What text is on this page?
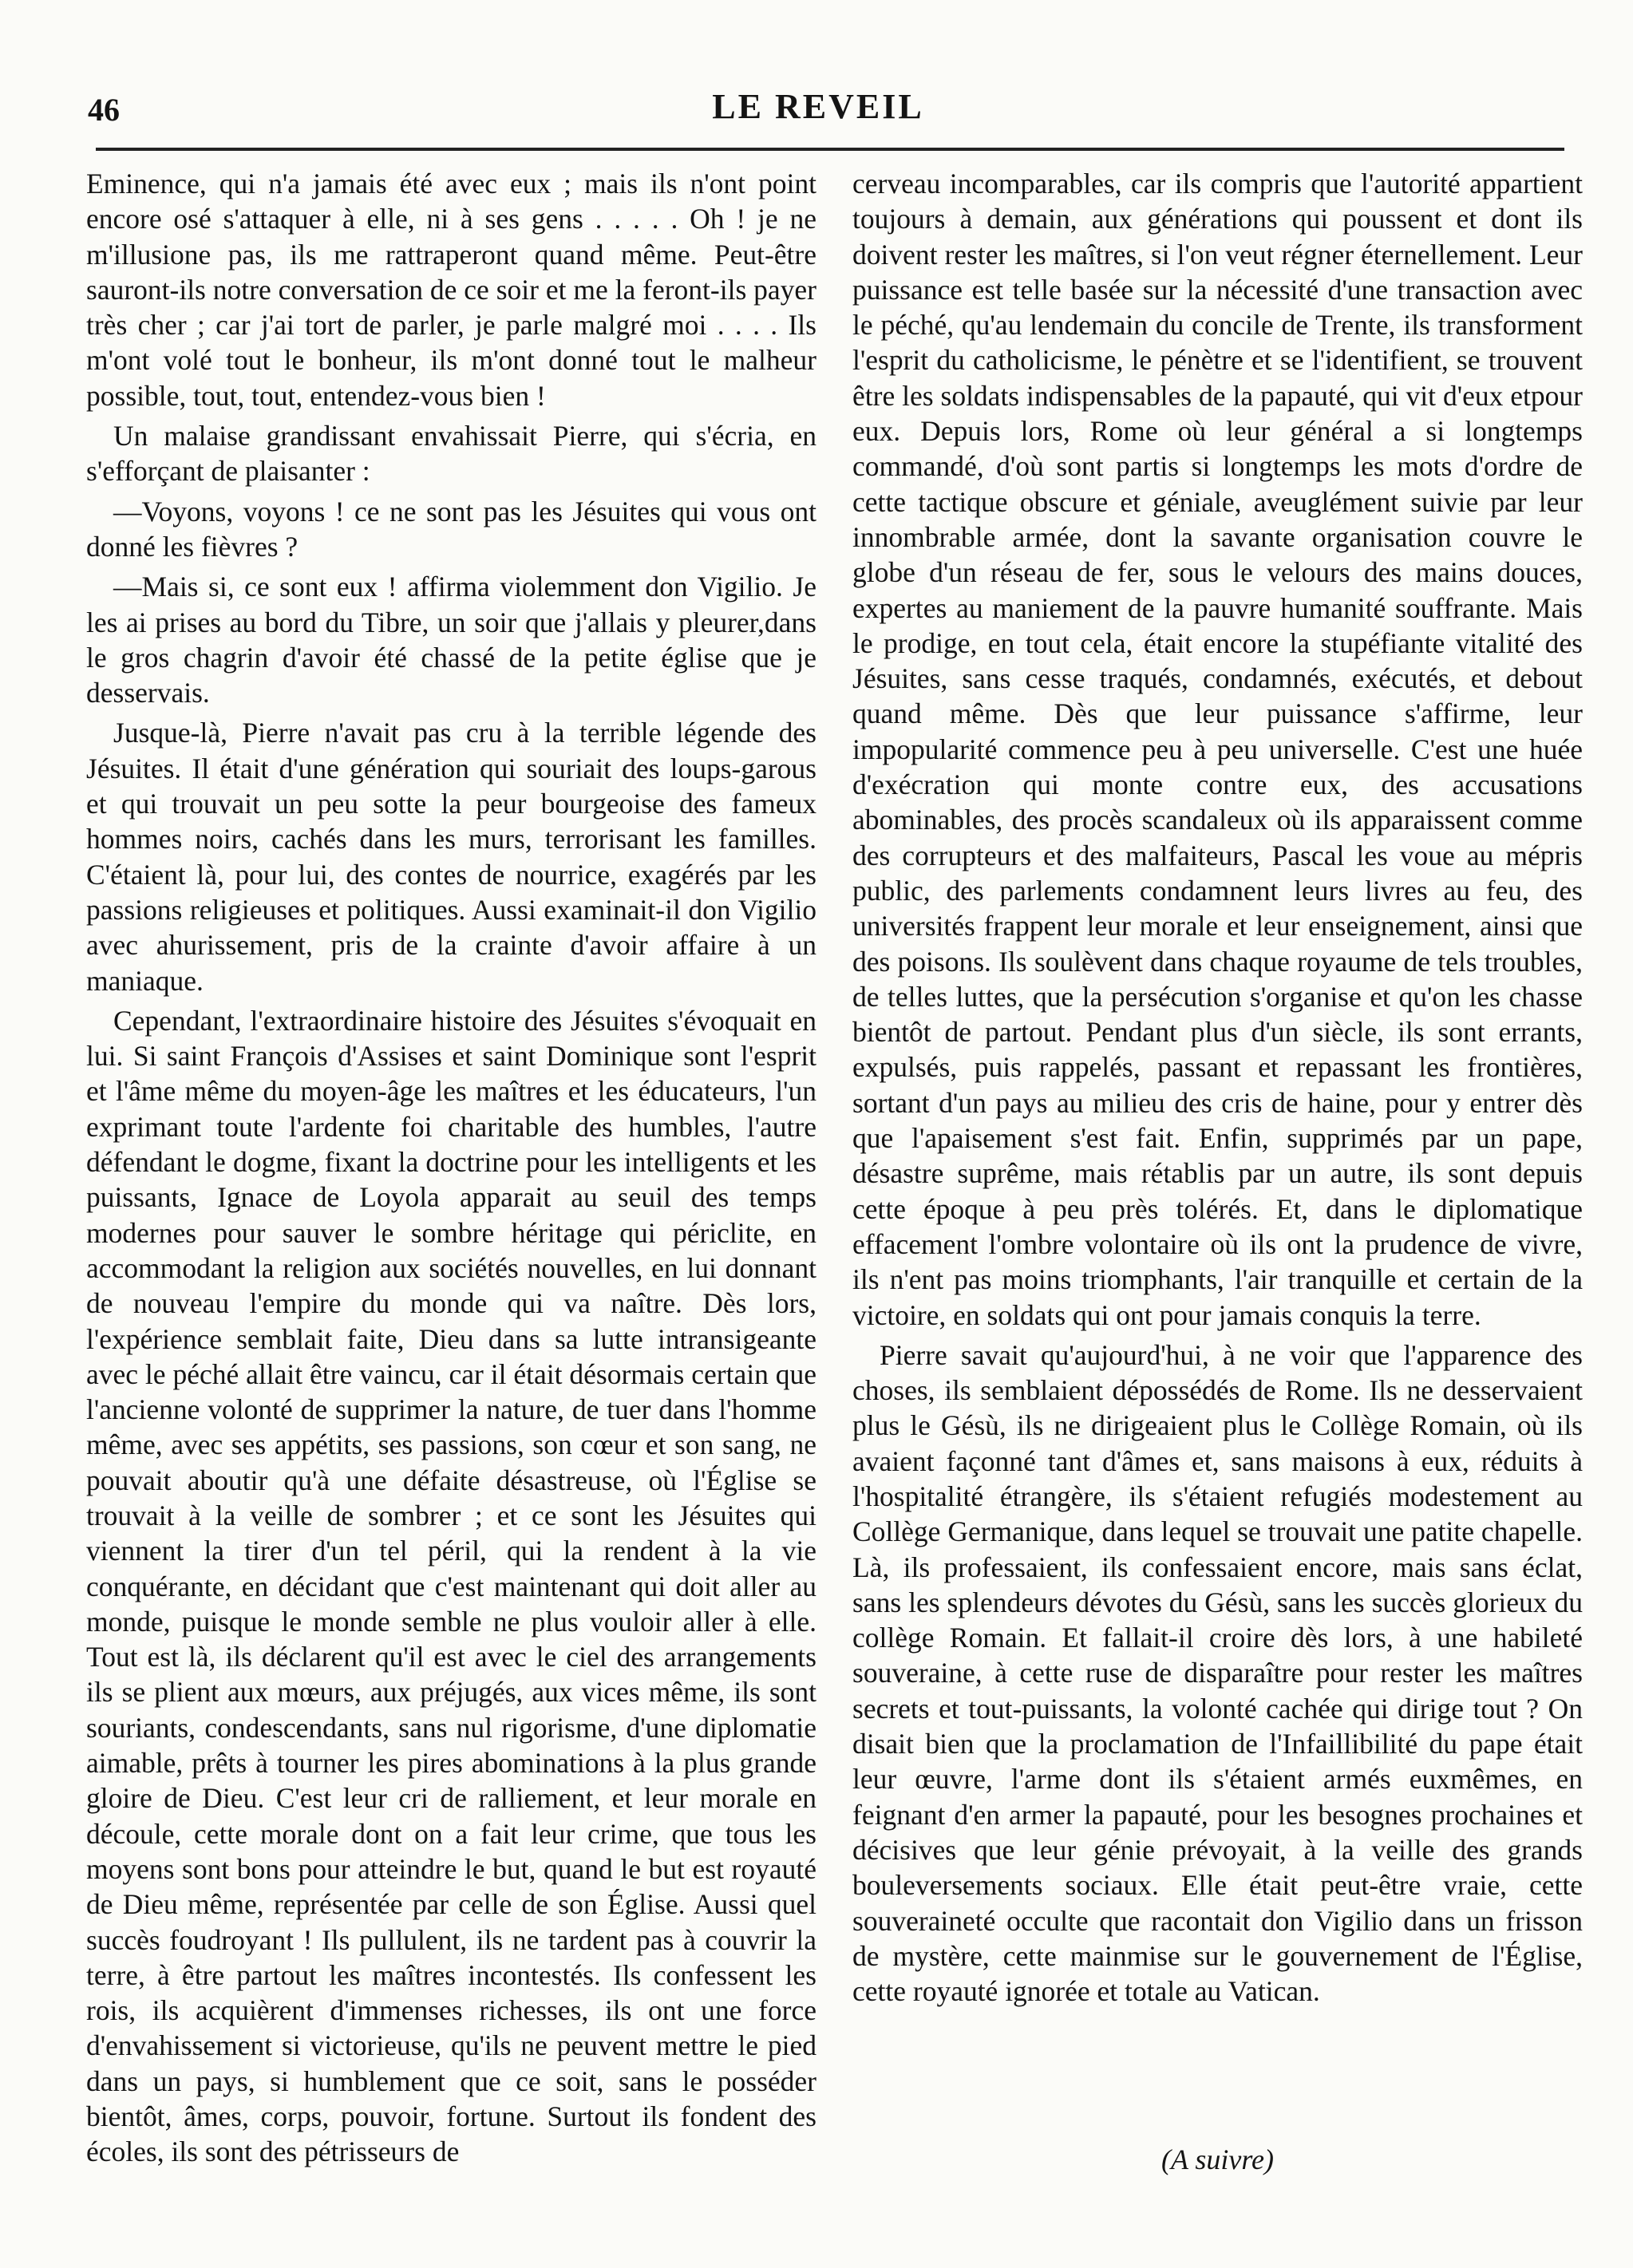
46	LE REVEIL

Eminence, qui n'a jamais été avec eux ; mais ils n'ont point encore osé s'attaquer à elle, ni à ses gens . . . . . Oh ! je ne m'illusione pas, ils me rattraperont quand même. Peut-être sauront-ils notre conversation de ce soir et me la feront-ils payer très cher ; car j'ai tort de parler, je parle malgré moi . . . . Ils m'ont volé tout le bonheur, ils m'ont donné tout le malheur possible, tout, tout, entendez-vous bien !

Un malaise grandissant envahissait Pierre, qui s'écria, en s'efforçant de plaisanter :

—Voyons, voyons ! ce ne sont pas les Jésuites qui vous ont donné les fièvres ?

—Mais si, ce sont eux ! affirma violemment don Vigilio. Je les ai prises au bord du Tibre, un soir que j'allais y pleurer,dans le gros chagrin d'avoir été chassé de la petite église que je desservais.

Jusque-là, Pierre n'avait pas cru à la terrible légende des Jésuites. Il était d'une génération qui souriait des loups-garous et qui trouvait un peu sotte la peur bourgeoise des fameux hommes noirs, cachés dans les murs, terrorisant les familles. C'étaient là, pour lui, des contes de nourrice, exagérés par les passions religieuses et politiques. Aussi examinait-il don Vigilio avec ahurissement, pris de la crainte d'avoir affaire à un maniaque.

Cependant, l'extraordinaire histoire des Jésuites s'évoquait en lui. Si saint François d'Assises et saint Dominique sont l'esprit et l'âme même du moyen-âge les maîtres et les éducateurs, l'un exprimant toute l'ardente foi charitable des humbles, l'autre défendant le dogme, fixant la doctrine pour les intelligents et les puissants, Ignace de Loyola apparait au seuil des temps modernes pour sauver le sombre héritage qui périclite, en accommodant la religion aux sociétés nouvelles, en lui donnant de nouveau l'empire du monde qui va naître. Dès lors, l'expérience semblait faite, Dieu dans sa lutte intransigeante avec le péché allait être vaincu, car il était désormais certain que l'ancienne volonté de supprimer la nature, de tuer dans l'homme même, avec ses appétits, ses passions, son cœur et son sang, ne pouvait aboutir qu'à une défaite désastreuse, où l'Église se trouvait à la veille de sombrer ; et ce sont les Jésuites qui viennent la tirer d'un tel péril, qui la rendent à la vie conquérante, en décidant que c'est maintenant qui doit aller au monde, puisque le monde semble ne plus vouloir aller à elle. Tout est là, ils déclarent qu'il est avec le ciel des arrangements ils se plient aux mœurs, aux préjugés, aux vices même, ils sont souriants, condescendants, sans nul rigorisme, d'une diplomatie aimable, prêts à tourner les pires abominations à la plus grande gloire de Dieu. C'est leur cri de ralliement, et leur morale en découle, cette morale dont on a fait leur crime, que tous les moyens sont bons pour atteindre le but, quand le but est royauté de Dieu même, représentée par celle de son Église. Aussi quel succès foudroyant ! Ils pullulent, ils ne tardent pas à couvrir la terre, à être partout les maîtres incontestés. Ils confessent les rois, ils acquièrent d'immenses richesses, ils ont une force d'envahissement si victorieuse, qu'ils ne peuvent mettre le pied dans un pays, si humblement que ce soit, sans le posséder bientôt, âmes, corps, pouvoir, fortune. Surtout ils fondent des écoles, ils sont des pétrisseurs de

cerveau incomparables, car ils compris que l'autorité appartient toujours à demain, aux générations qui poussent et dont ils doivent rester les maîtres, si l'on veut régner éternellement. Leur puissance est telle basée sur la nécessité d'une transaction avec le péché, qu'au lendemain du concile de Trente, ils transforment l'esprit du catholicisme, le pénètre et se l'identifient, se trouvent être les soldats indispensables de la papauté, qui vit d'eux etpour eux. Depuis lors, Rome où leur général a si longtemps commandé, d'où sont partis si longtemps les mots d'ordre de cette tactique obscure et géniale, aveuglément suivie par leur innombrable armée, dont la savante organisation couvre le globe d'un réseau de fer, sous le velours des mains douces, expertes au maniement de la pauvre humanité souffrante. Mais le prodige, en tout cela, était encore la stupéfiante vitalité des Jésuites, sans cesse traqués, condamnés, exécutés, et debout quand même. Dès que leur puissance s'affirme, leur impopularité commence peu à peu universelle. C'est une huée d'exécration qui monte contre eux, des accusations abominables, des procès scandaleux où ils apparaissent comme des corrupteurs et des malfaiteurs, Pascal les voue au mépris public, des parlements condamnent leurs livres au feu, des universités frappent leur morale et leur enseignement, ainsi que des poisons. Ils soulèvent dans chaque royaume de tels troubles, de telles luttes, que la persécution s'organise et qu'on les chasse bientôt de partout. Pendant plus d'un siècle, ils sont errants, expulsés, puis rappelés, passant et repassant les frontières, sortant d'un pays au milieu des cris de haine, pour y entrer dès que l'apaisement s'est fait. Enfin, supprimés par un pape, désastre suprême, mais rétablis par un autre, ils sont depuis cette époque à peu près tolérés. Et, dans le diplomatique effacement l'ombre volontaire où ils ont la prudence de vivre, ils n'ent pas moins triomphants, l'air tranquille et certain de la victoire, en soldats qui ont pour jamais conquis la terre.

Pierre savait qu'aujourd'hui, à ne voir que l'apparence des choses, ils semblaient dépossédés de Rome. Ils ne desservaient plus le Gésù, ils ne dirigeaient plus le Collège Romain, où ils avaient façonné tant d'âmes et, sans maisons à eux, réduits à l'hospitalité étrangère, ils s'étaient refugiés modestement au Collège Germanique, dans lequel se trouvait une patite chapelle. Là, ils professaient, ils confessaient encore, mais sans éclat, sans les splendeurs dévotes du Gésù, sans les succès glorieux du collège Romain. Et fallait-il croire dès lors, à une habileté souveraine, à cette ruse de disparaître pour rester les maîtres secrets et tout-puissants, la volonté cachée qui dirige tout ? On disait bien que la proclamation de l'Infaillibilité du pape était leur œuvre, l'arme dont ils s'étaient armés euxmêmes, en feignant d'en armer la papauté, pour les besognes prochaines et décisives que leur génie prévoyait, à la veille des grands bouleversements sociaux. Elle était peut-être vraie, cette souveraineté occulte que racontait don Vigilio dans un frisson de mystère, cette mainmise sur le gouvernement de l'Église, cette royauté ignorée et totale au Vatican.

(A suivre)
